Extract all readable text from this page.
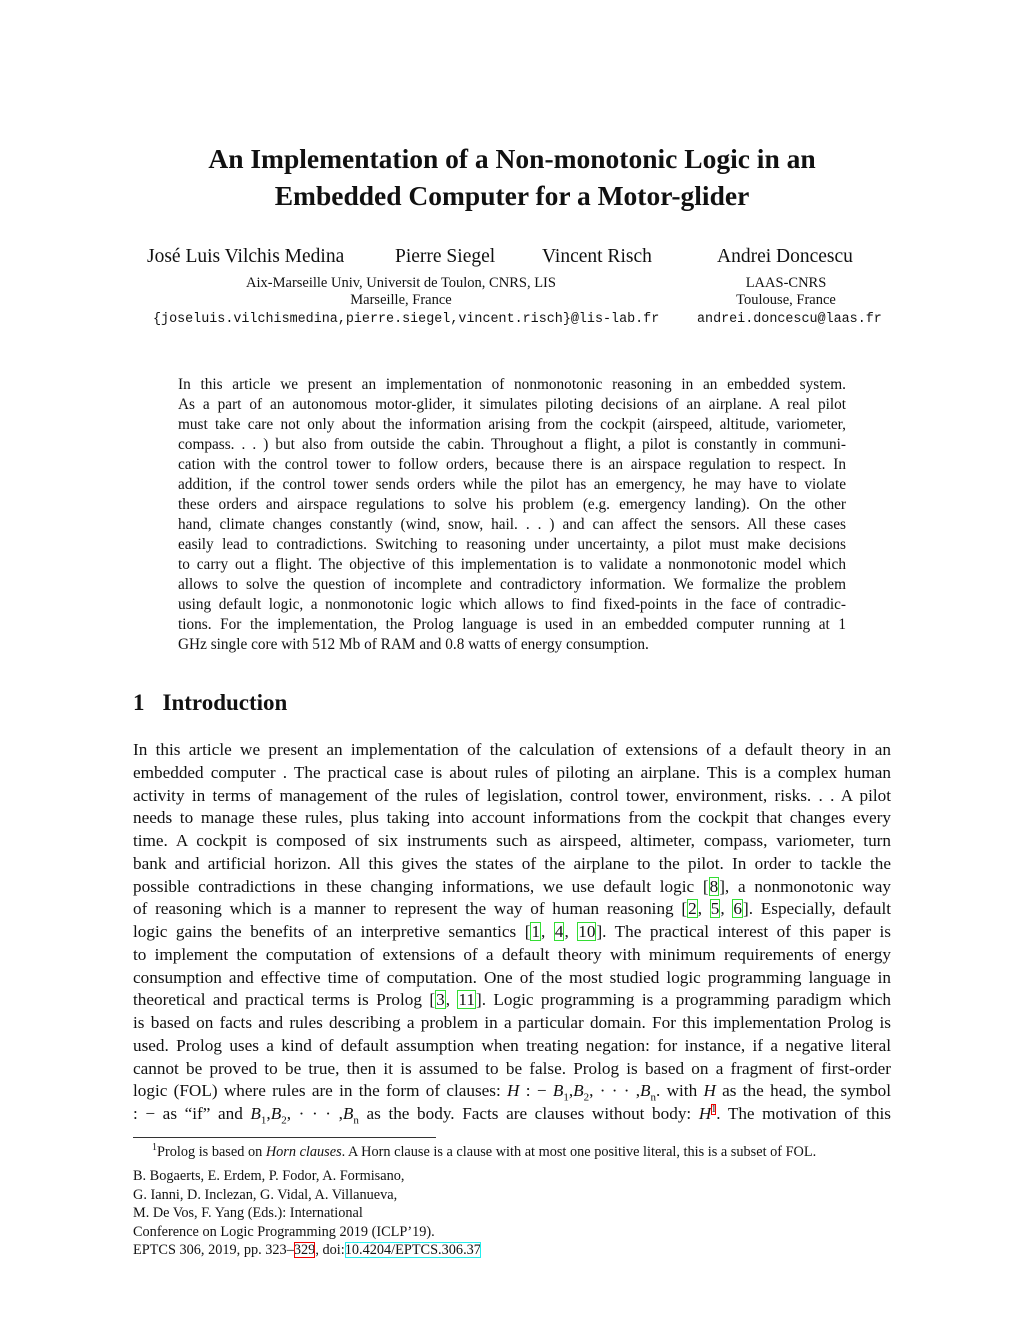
An Implementation of a Non-monotonic Logic in an
Embedded Computer for a Motor-glider
José Luis Vilchis Medina	Pierre Siegel Vincent Risch	Andrei Doncescu
Aix-Marseille Univ, Universit de Toulon, CNRS, LIS
Marseille, France
LAAS-CNRS
Toulouse, France
{joseluis.vilchismedina,pierre.siegel,vincent.risch}@lis-lab.fr	andrei.doncescu@laas.fr
In this article we present an implementation of nonmonotonic reasoning in an embedded system.
As a part of an autonomous motor-glider, it simulates piloting decisions of an airplane. A real pilot
must take care not only about the information arising from the cockpit (airspeed, altitude, variometer,
compass. . . ) but also from outside the cabin. Throughout a flight, a pilot is constantly in communi-
cation with the control tower to follow orders, because there is an airspace regulation to respect. In
addition, if the control tower sends orders while the pilot has an emergency, he may have to violate
these orders and airspace regulations to solve his problem (e.g. emergency landing). On the other
hand, climate changes constantly (wind, snow, hail. . . ) and can affect the sensors. All these cases
easily lead to contradictions. Switching to reasoning under uncertainty, a pilot must make decisions
to carry out a flight. The objective of this implementation is to validate a nonmonotonic model which
allows to solve the question of incomplete and contradictory information. We formalize the problem
using default logic, a nonmonotonic logic which allows to find fixed-points in the face of contradic-
tions. For the implementation, the Prolog language is used in an embedded computer running at 1
GHz single core with 512 Mb of RAM and 0.8 watts of energy consumption.
1 Introduction
In this article we present an implementation of the calculation of extensions of a default theory in an
embedded computer . The practical case is about rules of piloting an airplane. This is a complex human
activity in terms of management of the rules of legislation, control tower, environment, risks. . . A pilot
needs to manage these rules, plus taking into account informations from the cockpit that changes every
time. A cockpit is composed of six instruments such as airspeed, altimeter, compass, variometer, turn
bank and artificial horizon. All this gives the states of the airplane to the pilot. In order to tackle the
possible contradictions in these changing informations, we use default logic [8], a nonmonotonic way
of reasoning which is a manner to represent the way of human reasoning [2, 5, 6]. Especially, default
logic gains the benefits of an interpretive semantics [1, 4, 10]. The practical interest of this paper is
to implement the computation of extensions of a default theory with minimum requirements of energy
consumption and effective time of computation. One of the most studied logic programming language in
theoretical and practical terms is Prolog [3, 11]. Logic programming is a programming paradigm which
is based on facts and rules describing a problem in a particular domain. For this implementation Prolog is
used. Prolog uses a kind of default assumption when treating negation: for instance, if a negative literal
cannot be proved to be true, then it is assumed to be false. Prolog is based on a fragment of first-order
logic (FOL) where rules are in the form of clauses: H : − $B_1,B_2$, · · · $,B_n$. with H as the head, the symbol
: − as “if” and $B_1,B_2$, · · · $,B_n$ as the body. Facts are clauses without body: $H^1$. The motivation of this
$^1$Prolog is based on Horn clauses. A Horn clause is a clause with at most one positive literal, this is a subset of FOL.
B. Bogaerts, E. Erdem, P. Fodor, A. Formisano,
G. Ianni, D. Inclezan, G. Vidal, A. Villanueva,
M. De Vos, F. Yang (Eds.): International
Conference on Logic Programming 2019 (ICLP’19).
EPTCS 306, 2019, pp. 323–329, doi:10.4204/EPTCS.306.37
